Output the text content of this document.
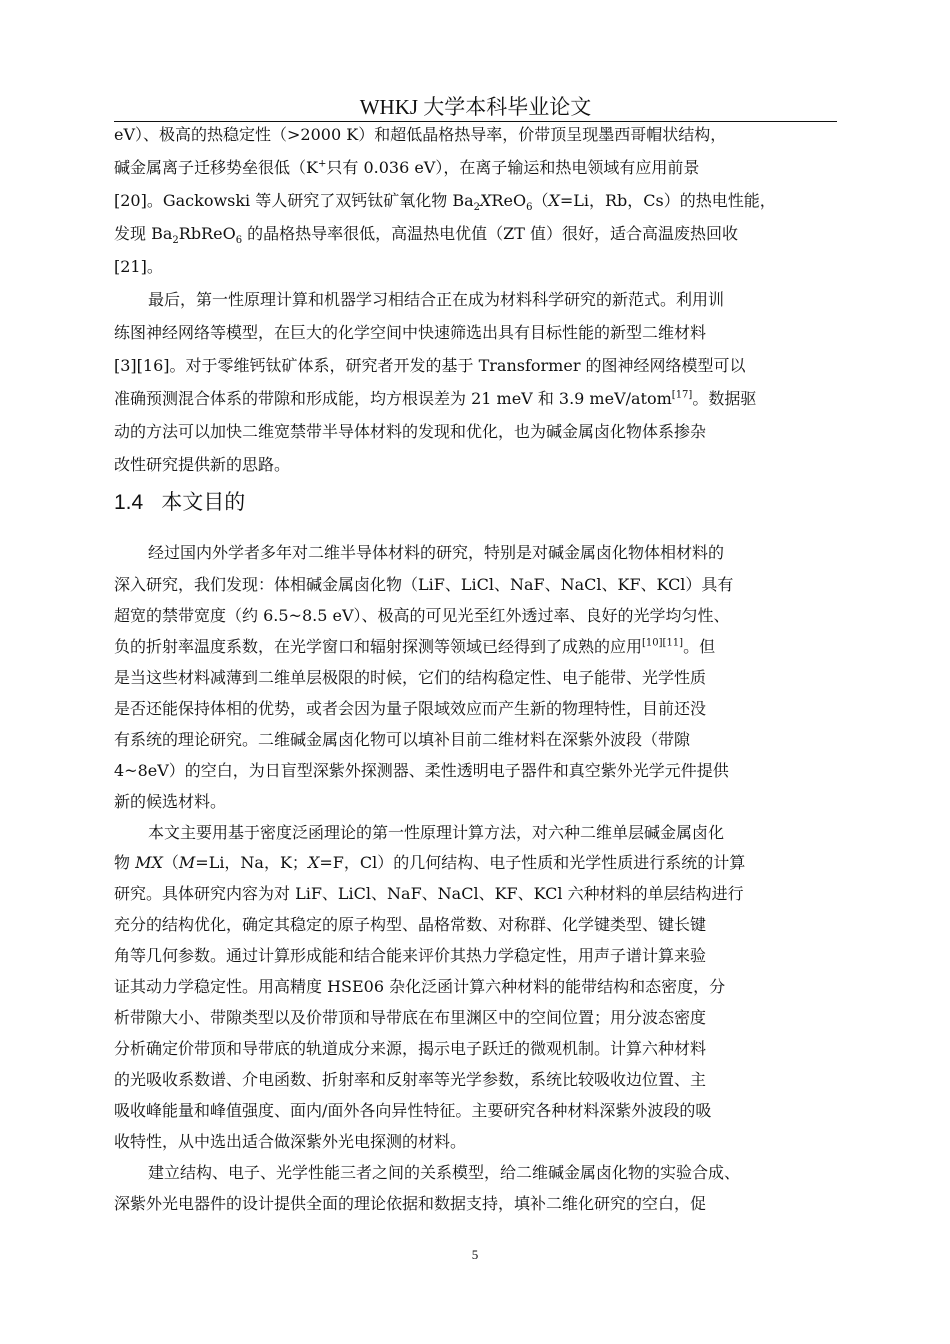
WHKJ 大学本科毕业论文
eV）、极高的热稳定性（>2000 K）和超低晶格热导率，价带顶呈现墨西哥帽状结构，
碱金属离子迁移势垒很低（K+只有 0.036 eV），在离子输运和热电领域有应用前景
[20]。Gackowski 等人研究了双钙钛矿氧化物 $Ba_2XReO_6(X=Li$，Rb，Cs）的热电性能，
发现 $Ba_2RbReO_6$ 的晶格热导率很低，高温热电优值（ZT 值）很好，适合高温废热回收
[21]。
最后，第一性原理计算和机器学习相结合正在成为材料科学研究的新范式。利用训
练图神经网络等模型，在巨大的化学空间中快速筛选出具有目标性能的新型二维材料
[3][16]。对于零维钙钛矿体系，研究者开发的基于 Transformer 的图神经网络模型可以
准确预测混合体系的带隙和形成能，均方根误差为 21 meV 和 3.9 meV/atom[17]。数据驱
动的方法可以加快二维宽禁带半导体材料的发现和优化，也为碱金属卤化物体系掺杂
改性研究提供新的思路。
1.4 本文目的
经过国内外学者多年对二维半导体材料的研究，特别是对碱金属卤化物体相材料的
深入研究，我们发现：体相碱金属卤化物（LiF、LiCl、NaF、NaCl、KF、KCl）具有
超宽的禁带宽度（约 6.5~8.5 eV）、极高的可见光至红外透过率、良好的光学均匀性、
负的折射率温度系数，在光学窗口和辐射探测等领域已经得到了成熟的应用[10][11]。但
是当这些材料减薄到二维单层极限的时候，它们的结构稳定性、电子能带、光学性质
是否还能保持体相的优势，或者会因为量子限域效应而产生新的物理特性，目前还没
有系统的理论研究。二维碱金属卤化物可以填补目前二维材料在深紫外波段（带隙
4~8eV）的空白，为日盲型深紫外探测器、柔性透明电子器件和真空紫外光学元件提供
新的候选材料。
本文主要用基于密度泛函理论的第一性原理计算方法，对六种二维单层碱金属卤化
物 MX（M=Li，Na，K；X=F，Cl）的几何结构、电子性质和光学性质进行系统的计算
研究。具体研究内容为对 LiF、LiCl、NaF、NaCl、KF、KCl 六种材料的单层结构进行
充分的结构优化，确定其稳定的原子构型、晶格常数、对称群、化学键类型、键长键
角等几何参数。通过计算形成能和结合能来评价其热力学稳定性，用声子谱计算来验
证其动力学稳定性。用高精度 HSE06 杂化泛函计算六种材料的能带结构和态密度，分
析带隙大小、带隙类型以及价带顶和导带底在布里渊区中的空间位置；用分波态密度
分析确定价带顶和导带底的轨道成分来源，揭示电子跃迁的微观机制。计算六种材料
的光吸收系数谱、介电函数、折射率和反射率等光学参数，系统比较吸收边位置、主
吸收峰能量和峰值强度、面内/面外各向异性特征。主要研究各种材料深紫外波段的吸
收特性，从中选出适合做深紫外光电探测的材料。
建立结构、电子、光学性能三者之间的关系模型，给二维碱金属卤化物的实验合成、
深紫外光电器件的设计提供全面的理论依据和数据支持，填补二维化研究的空白，促
5
